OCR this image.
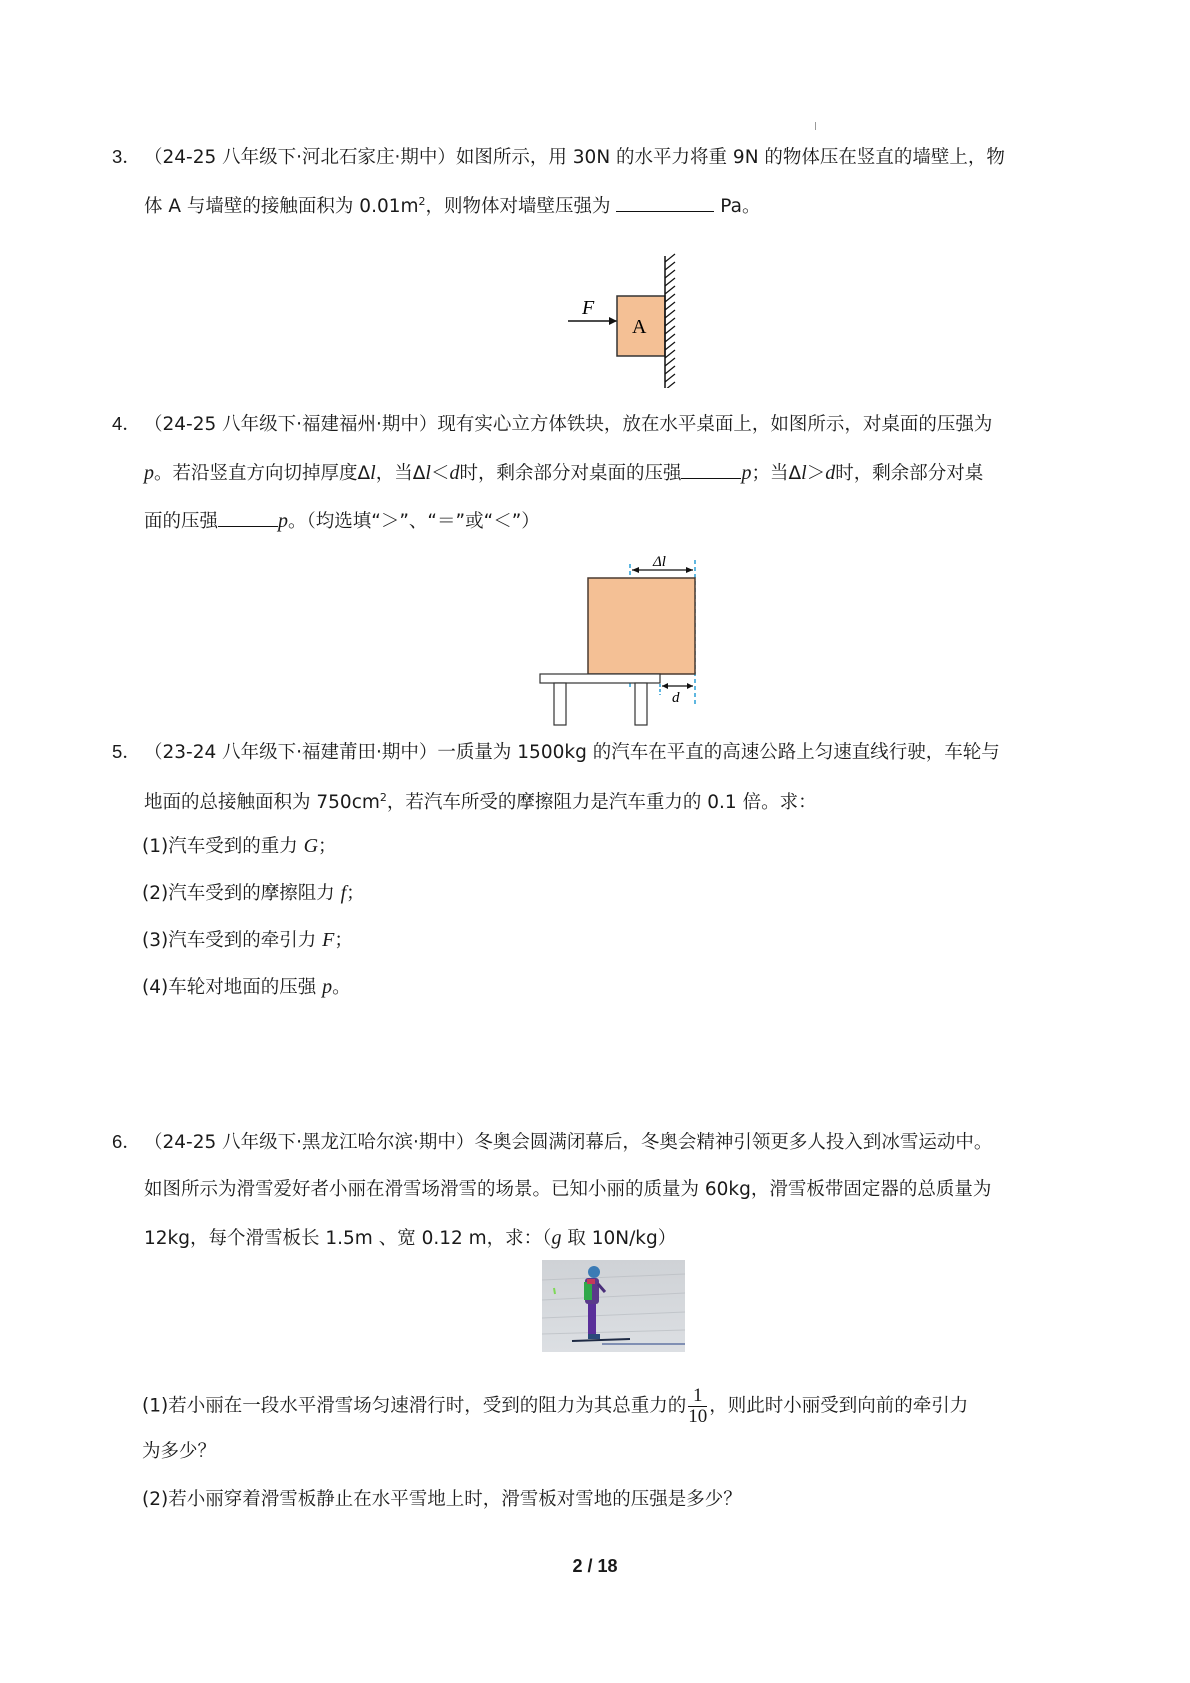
3． （24-25 八年级下·河北石家庄·期中）如图所示，用 30N 的水平力将重 9N 的物体压在竖直的墙壁上，物
体 A 与墙壁的接触面积为 $0.01m^2$，则物体对墙壁压强为	Pa。
F
A
4． （24-25 八年级下·福建福州·期中）现有实心立方体铁块，放在水平桌面上，如图所示，对桌面的压强为
p。若沿竖直方向切掉厚度Δl，当Δl＜d时，剩余部分对桌面的压强	p；当Δl＞d时，剩余部分对桌
面的压强	p。（均选填“＞”、“＝”或“＜”）
Δl
d
5． （23-24 八年级下·福建莆田·期中）一质量为 1500kg 的汽车在平直的高速公路上匀速直线行驶，车轮与
地面的总接触面积为 $750cm^2$，若汽车所受的摩擦阻力是汽车重力的 0.1 倍。求：
(1)汽车受到的重力 G；
(2)汽车受到的摩擦阻力 f；
(3)汽车受到的牵引力 F；
(4)车轮对地面的压强 p。
6． （24-25 八年级下·黑龙江哈尔滨·期中）冬奥会圆满闭幕后，冬奥会精神引领更多人投入到冰雪运动中。
如图所示为滑雪爱好者小丽在滑雪场滑雪的场景。已知小丽的质量为 60kg，滑雪板带固定器的总质量为
12kg，每个滑雪板长 1.5m 、宽 0.12 m，求：（g 取 10N/kg）
(1)若小丽在一段水平滑雪场匀速滑行时，受到的阻力为其总重力的 $\frac{1}{10}$ ，则此时小丽受到向前的牵引力
为多少？
(2)若小丽穿着滑雪板静止在水平雪地上时，滑雪板对雪地的压强是多少？
2 / 18
